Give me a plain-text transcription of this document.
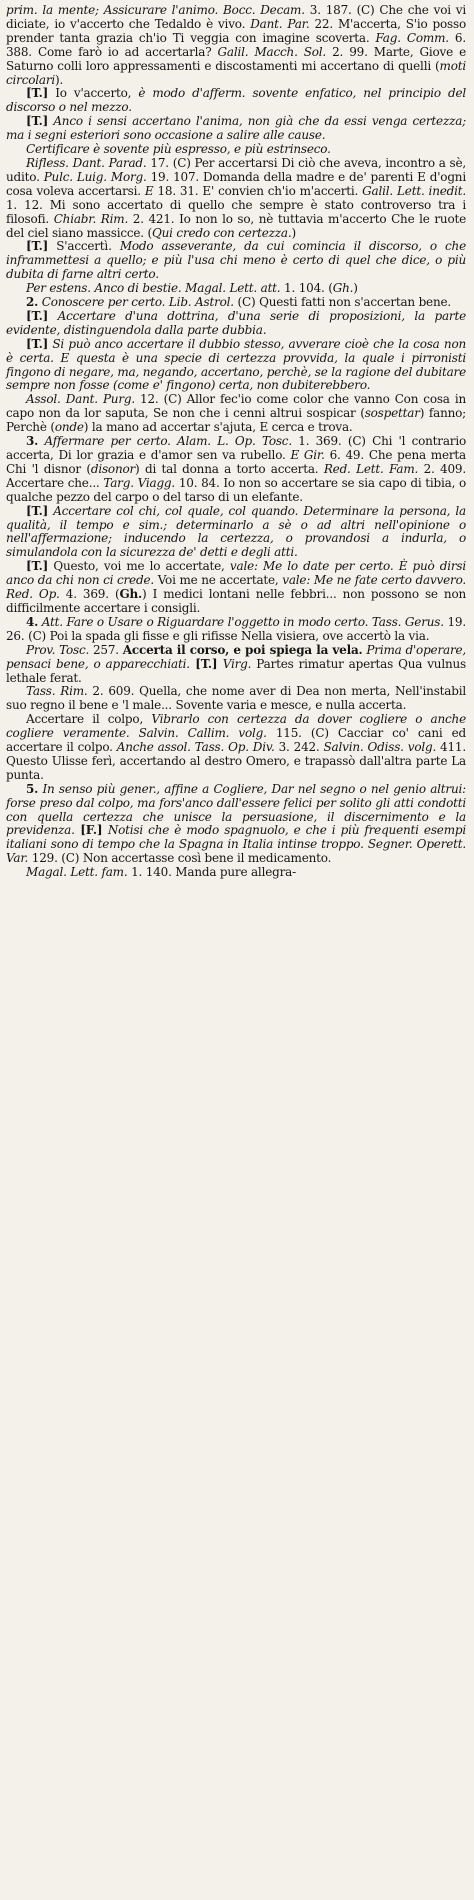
prim. la mente; Assicurare l'animo. Bocc. Decam. 3. 187. (C) Che che voi vi diciate, io v'accerto che Tedaldo è vivo. Dant. Par. 22. M'accerta, S'io posso prender tanta grazia ch'io Ti veggia con imagine scoverta. Fag. Comm. 6. 388. Come farò io ad accertarla? Galil. Macch. Sol. 2. 99. Marte, Giove e Saturno colli loro appressamenti e discostamenti mi accertano di quelli (moti circolari).

[T.] Io v'accerto, è modo d'afferm. sovente enfatico, nel principio del discorso o nel mezzo.

[T.] Anco i sensi accertano l'anima, non già che da essi venga certezza; ma i segni esteriori sono occasione a salire alle cause.

Certificare è sovente più espresso, e più estrinseco.

Rifless. Dant. Parad. 17. (C) Per accertarsi Di ciò che aveva, incontro a sè, udito. Pulc. Luig. Morg. 19. 107. Domanda della madre e de' parenti E d'ogni cosa voleva accertarsi. E 18. 31. E' convien ch'io m'accerti. Galil. Lett. inedit. 1. 12. Mi sono accertato di quello che sempre è stato controverso tra i filosofi. Chiabr. Rim. 2. 421. Io non lo so, nè tuttavia m'accerto Che le ruote del ciel siano massicce. (Qui credo con certezza.)

[T.] S'accertì. Modo asseverante, da cui comincia il discorso, o che inframmettesi a quello; e più l'usa chi meno è certo di quel che dice, o più dubita di farne altri certo.

Per estens. Anco di bestie. Magal. Lett. att. 1. 104. (Gh.)

2. Conoscere per certo. Lib. Astrol. (C) Questi fatti non s'accertan bene.

[T.] Accertare d'una dottrina, d'una serie di proposizioni, la parte evidente, distinguendola dalla parte dubbia.

[T.] Si può anco accertare il dubbio stesso, avverare cioè che la cosa non è certa. E questa è una specie di certezza provvida, la quale i pirronisti fingono di negare, ma, negando, accertano, perchè, se la ragione del dubitare sempre non fosse (come e' fingono) certa, non dubiterebbero.

Assol. Dant. Purg. 12. (C) Allor fec'io come color che vanno Con cosa in capo non da lor saputa, Se non che i cenni altrui sospicar (sospettar) fanno; Perchè (onde) la mano ad accertar s'ajuta, E cerca e trova.

3. Affermare per certo. Alam. L. Op. Tosc. 1. 369. (C) Chi 'l contrario accerta, Di lor grazia e d'amor sen va rubello. E Gir. 6. 49. Che pena merta Chi 'l disnor (disonor) di tal donna a torto accerta. Red. Lett. Fam. 2. 409. Accertare che... Targ. Viagg. 10. 84. Io non so accertare se sia capo di tibia, o qualche pezzo del carpo o del tarso di un elefante.

[T.] Accertare col chi, col quale, col quando. Determinare la persona, la qualità, il tempo e sim.; determinarlo a sè o ad altri nell'opinione o nell'affermazione; inducendo la certezza, o provandosi a indurla, o simulandola con la sicurezza de' detti e degli atti.

[T.] Questo, voi me lo accertate, vale: Me lo date per certo. È può dirsi anco da chi non ci crede. Voi me ne accertate, vale: Me ne fate certo davvero. Red. Op. 4. 369. (Gh.) I medici lontani nelle febbri... non possono se non difficilmente accertare i consigli.

4. Att. Fare o Usare o Riguardare l'oggetto in modo certo. Tass. Gerus. 19. 26. (C) Poi la spada gli fisse e gli rifisse Nella visiera, ove accertò la via.

Prov. Tosc. 257. Accerta il corso, e poi spiega la vela. Prima d'operare, pensaci bene, o apparecchiati. [T.] Virg. Partes rimatur apertas Qua vulnus lethale ferat.

Tass. Rim. 2. 609. Quella, che nome aver di Dea non merta, Nell'instabil suo regno il bene e 'l male... Sovente varia e mesce, e nulla accerta.

Accertare il colpo, Vibrarlo con certezza da dover cogliere o anche cogliere veramente. Salvin. Callim. volg. 115. (C) Cacciar co' cani ed accertare il colpo. Anche assol. Tass. Op. Div. 3. 242. Salvin. Odiss. volg. 411. Questo Ulisse ferì, accertando al destro Omero, e trapassò dall'altra parte La punta.

5. In senso più gener., affine a Cogliere, Dar nel segno o nel genio altrui: forse preso dal colpo, ma fors'anco dall'essere felici per solito gli atti condotti con quella certezza che unisce la persuasione, il discernimento e la previdenza. [F.] Notisi che è modo spagnuolo, e che i più frequenti esempi italiani sono di tempo che la Spagna in Italia intinse troppo. Segner. Operett. Var. 129. (C) Non accertasse così bene il medicamento.

Magal. Lett. fam. 1. 140. Manda pure allegra-
